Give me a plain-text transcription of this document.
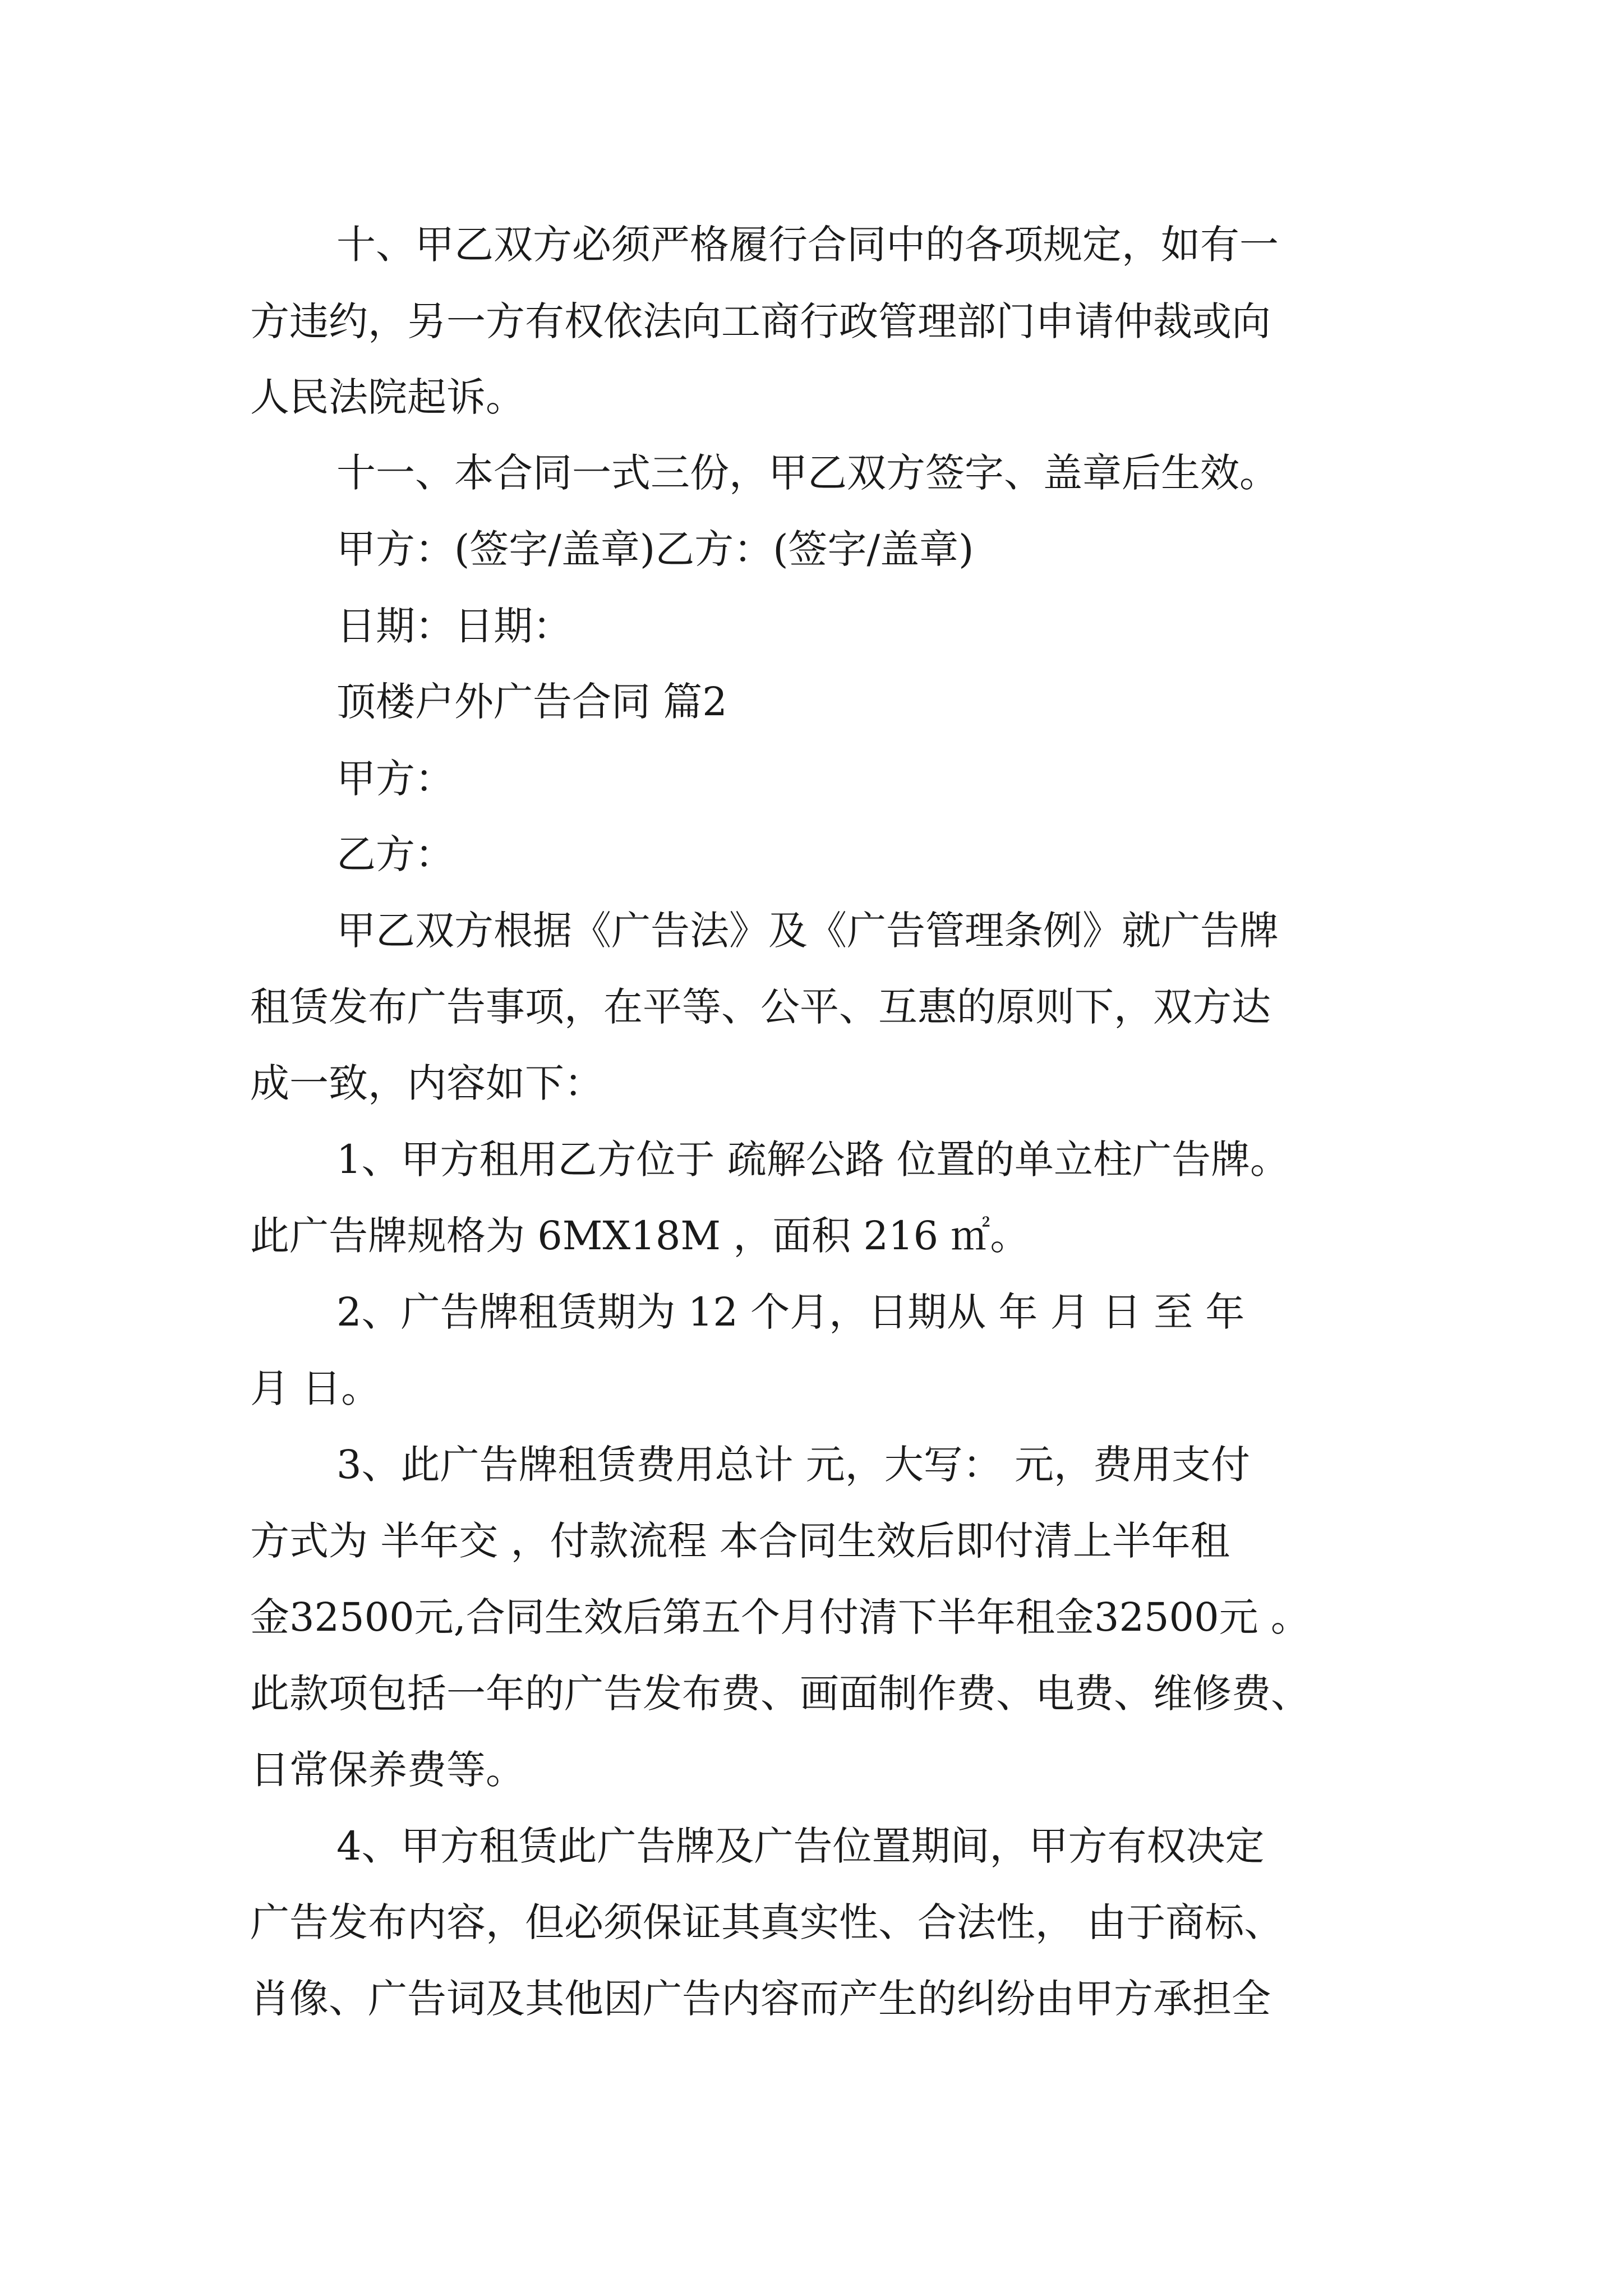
十、甲乙双方必须严格履行合同中的各项规定，如有一

方违约，另一方有权依法向工商行政管理部门申请仲裁或向

人民法院起诉。

十一、本合同一式三份，甲乙双方签字、盖章后生效。

甲方：(签字/盖章)乙方：(签字/盖章)

日期：日期：

顶楼户外广告合同 篇2

甲方：

乙方：

甲乙双方根据《广告法》及《广告管理条例》就广告牌

租赁发布广告事项，在平等、公平、互惠的原则下，双方达

成一致，内容如下：

1、甲方租用乙方位于 疏解公路 位置的单立柱广告牌。

此广告牌规格为 6MX18M ，面积 216 ㎡。

2、广告牌租赁期为 12 个月，日期从 年 月 日 至 年

月 日。

3、此广告牌租赁费用总计 元，大写： 元，费用支付

方式为 半年交 ，付款流程 本合同生效后即付清上半年租

金32500元,合同生效后第五个月付清下半年租金32500元 。

此款项包括一年的广告发布费、画面制作费、电费、维修费、

日常保养费等。

4、甲方租赁此广告牌及广告位置期间，甲方有权决定

广告发布内容，但必须保证其真实性、合法性， 由于商标、

肖像、广告词及其他因广告内容而产生的纠纷由甲方承担全
